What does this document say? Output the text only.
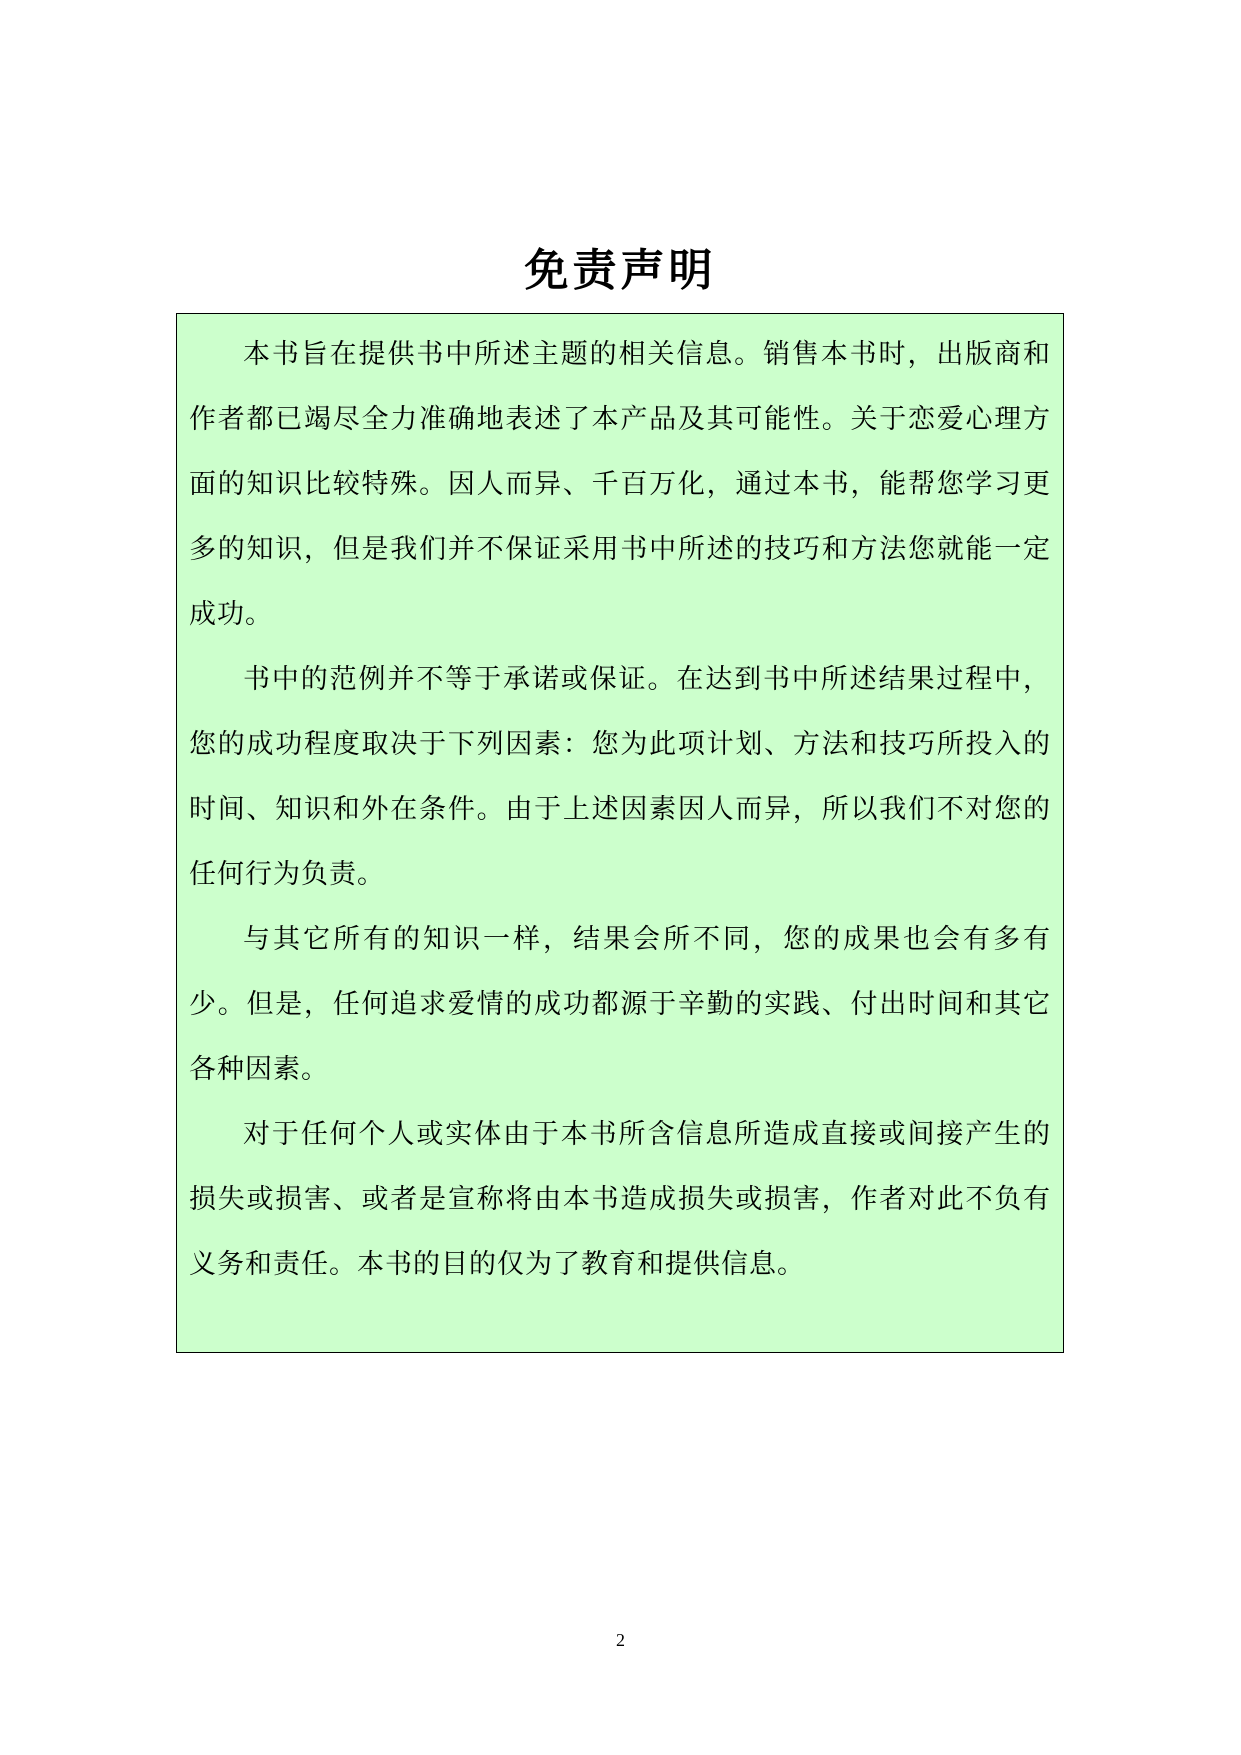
免责声明

本书旨在提供书中所述主题的相关信息。销售本书时，出版商和作者都已竭尽全力准确地表述了本产品及其可能性。关于恋爱心理方面的知识比较特殊。因人而异、千百万化，通过本书，能帮您学习更多的知识，但是我们并不保证采用书中所述的技巧和方法您就能一定成功。

书中的范例并不等于承诺或保证。在达到书中所述结果过程中，您的成功程度取决于下列因素：您为此项计划、方法和技巧所投入的时间、知识和外在条件。由于上述因素因人而异，所以我们不对您的任何行为负责。

与其它所有的知识一样，结果会所不同，您的成果也会有多有少。但是，任何追求爱情的成功都源于辛勤的实践、付出时间和其它各种因素。

对于任何个人或实体由于本书所含信息所造成直接或间接产生的损失或损害、或者是宣称将由本书造成损失或损害，作者对此不负有义务和责任。本书的目的仅为了教育和提供信息。

2
